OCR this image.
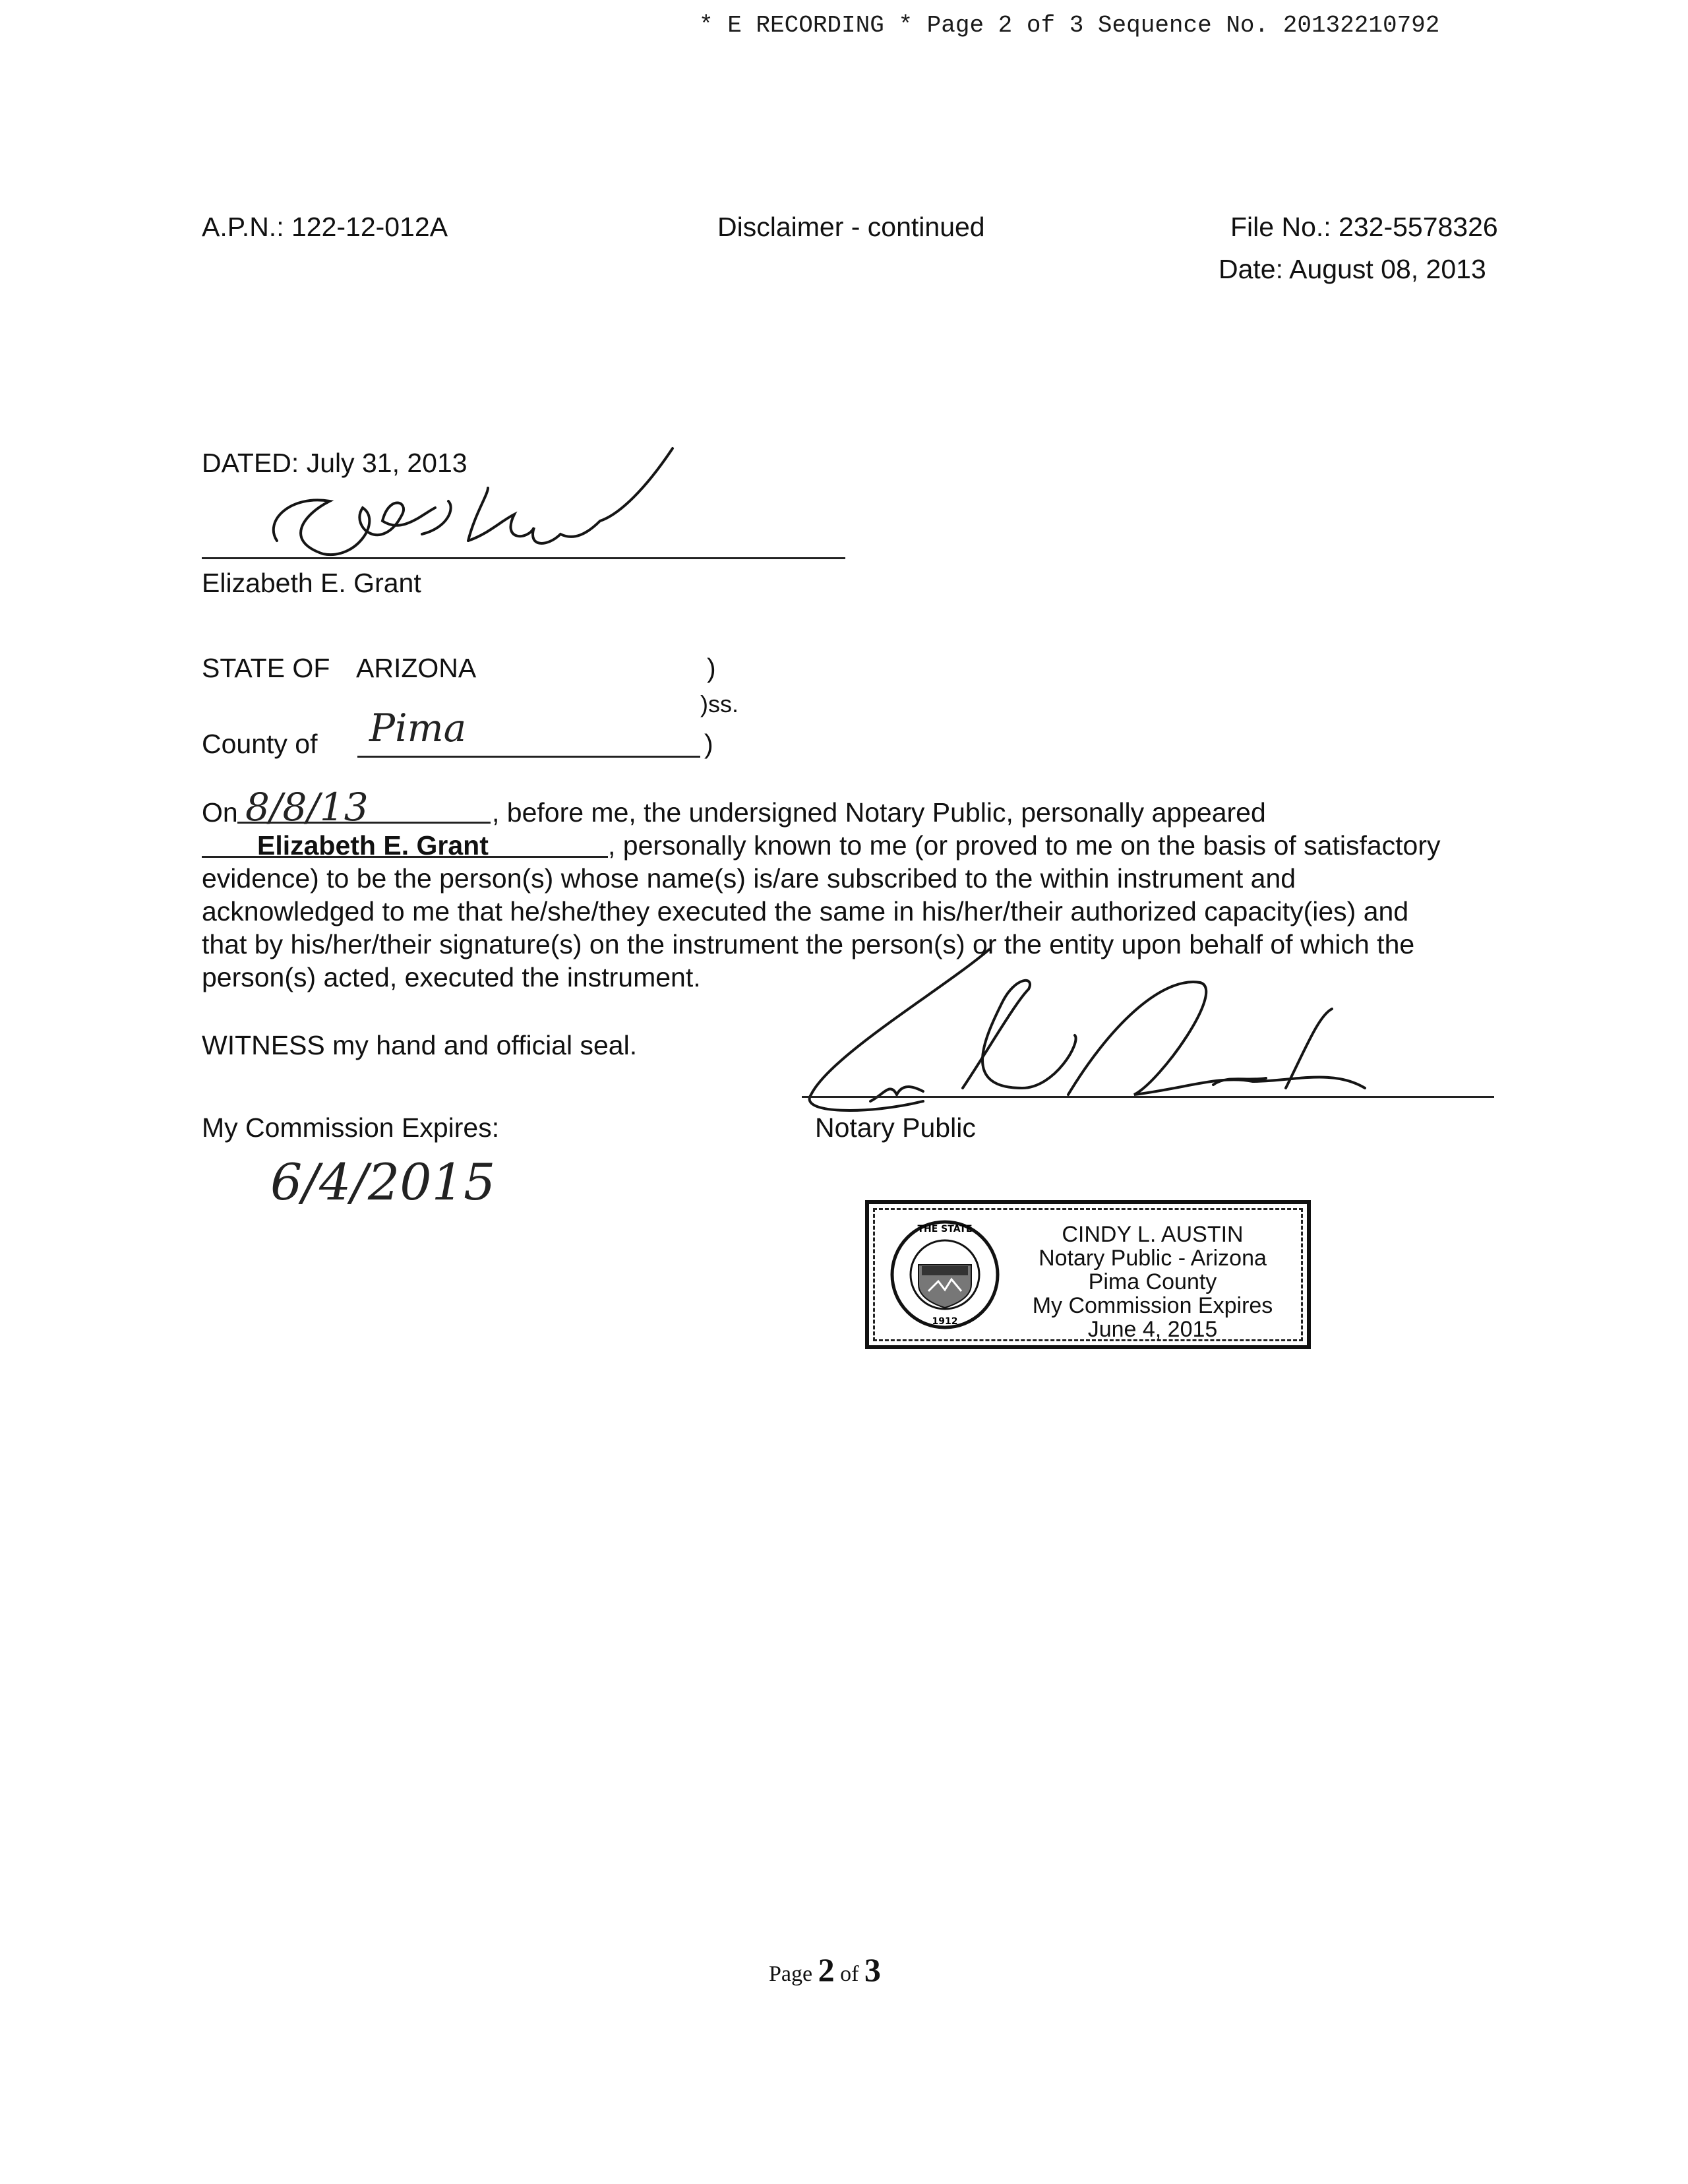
* E RECORDING * Page 2 of 3 Sequence No. 20132210792
A.P.N.: 122-12-012A	Disclaimer - continued	File No.: 232-5578326
Date: August 08, 2013
DATED: July 31, 2013
Elizabeth E. Grant
STATE OF ARIZONA	)
)ss.
County of Pima	)
On 8/8/13	, before me, the undersigned Notary Public, personally appeared
Elizabeth E. Grant	, personally known to me (or proved to me on the basis of satisfactory
evidence) to be the person(s) whose name(s) is/are subscribed to the within instrument and
acknowledged to me that he/she/they executed the same in his/her/their authorized capacity(ies) and
that by his/her/their signature(s) on the instrument the person(s) or the entity upon behalf of which the
person(s) acted, executed the instrument.
WITNESS my hand and official seal.
My Commission Expires:
6/4/2015
Notary Public
THE STATE
1912
CINDY L. AUSTIN
Notary Public - Arizona
Pima County
My Commission Expires
June 4, 2015
Page 2 of 3
